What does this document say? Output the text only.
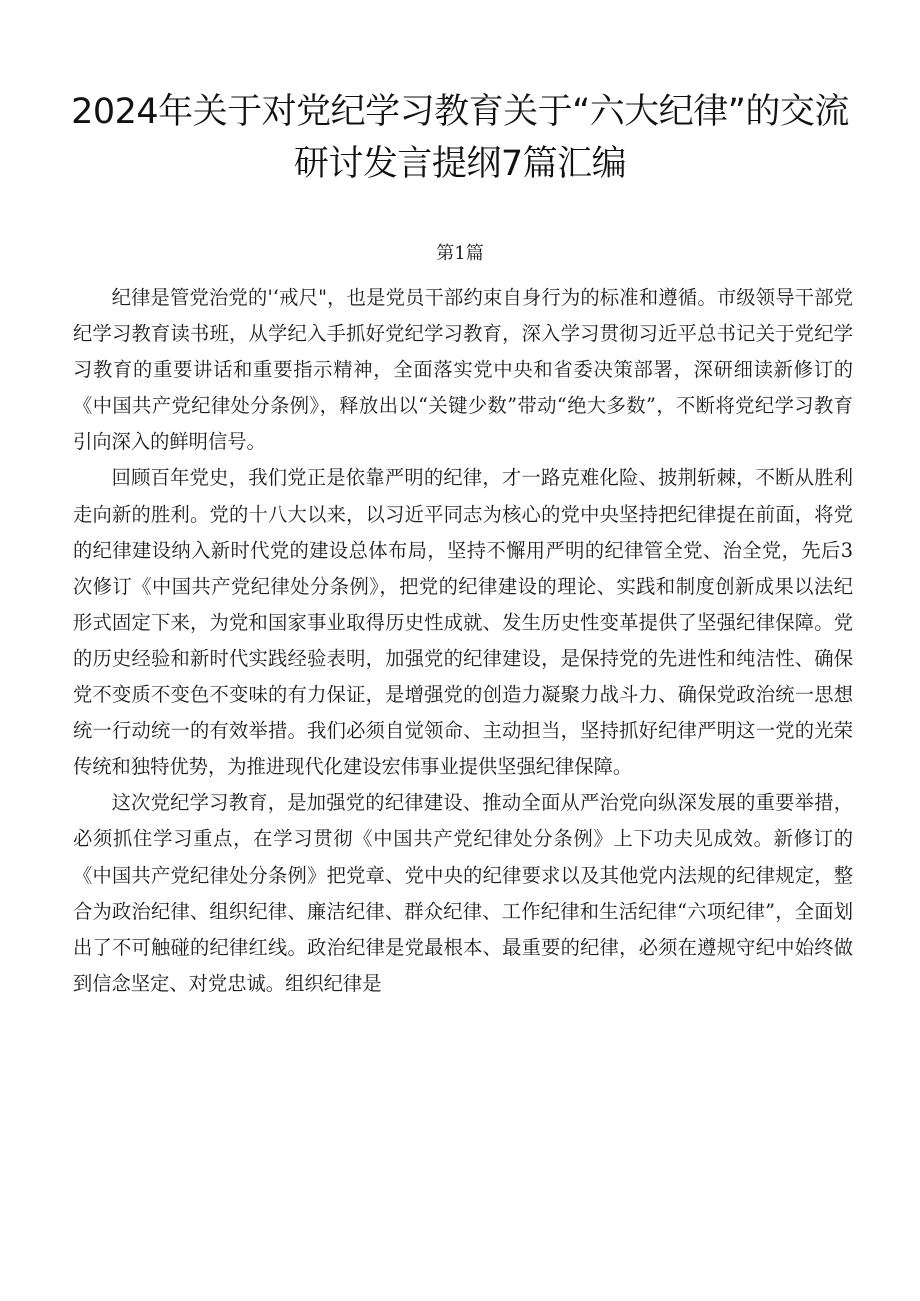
2024年关于对党纪学习教育关于“六大纪律”的交流研讨发言提纲7篇汇编
第1篇

纪律是管党治党的'‘戒尺"，也是党员干部约束自身行为的标准和遵循。市级领导干部党纪学习教育读书班，从学纪入手抓好党纪学习教育，深入学习贯彻习近平总书记关于党纪学习教育的重要讲话和重要指示精神，全面落实党中央和省委决策部署，深研细读新修订的《中国共产党纪律处分条例》，释放出以“关键少数”带动“绝大多数”，不断将党纪学习教育引向深入的鲜明信号。

回顾百年党史，我们党正是依靠严明的纪律，才一路克难化险、披荆斩棘，不断从胜利走向新的胜利。党的十八大以来，以习近平同志为核心的党中央坚持把纪律提在前面，将党的纪律建设纳入新时代党的建设总体布局，坚持不懈用严明的纪律管全党、治全党，先后3次修订《中国共产党纪律处分条例》，把党的纪律建设的理论、实践和制度创新成果以法纪形式固定下来，为党和国家事业取得历史性成就、发生历史性变革提供了坚强纪律保障。党的历史经验和新时代实践经验表明，加强党的纪律建设，是保持党的先进性和纯洁性、确保党不变质不变色不变味的有力保证，是增强党的创造力凝聚力战斗力、确保党政治统一思想统一行动统一的有效举措。我们必须自觉领命、主动担当，坚持抓好纪律严明这一党的光荣传统和独特优势，为推进现代化建设宏伟事业提供坚强纪律保障。

这次党纪学习教育，是加强党的纪律建设、推动全面从严治党向纵深发展的重要举措，必须抓住学习重点，在学习贯彻《中国共产党纪律处分条例》上下功夫见成效。新修订的《中国共产党纪律处分条例》把党章、党中央的纪律要求以及其他党内法规的纪律规定，整合为政治纪律、组织纪律、廉洁纪律、群众纪律、工作纪律和生活纪律“六项纪律”，全面划出了不可触碰的纪律红线。政治纪律是党最根本、最重要的纪律，必须在遵规守纪中始终做到信念坚定、对党忠诚。组织纪律是
